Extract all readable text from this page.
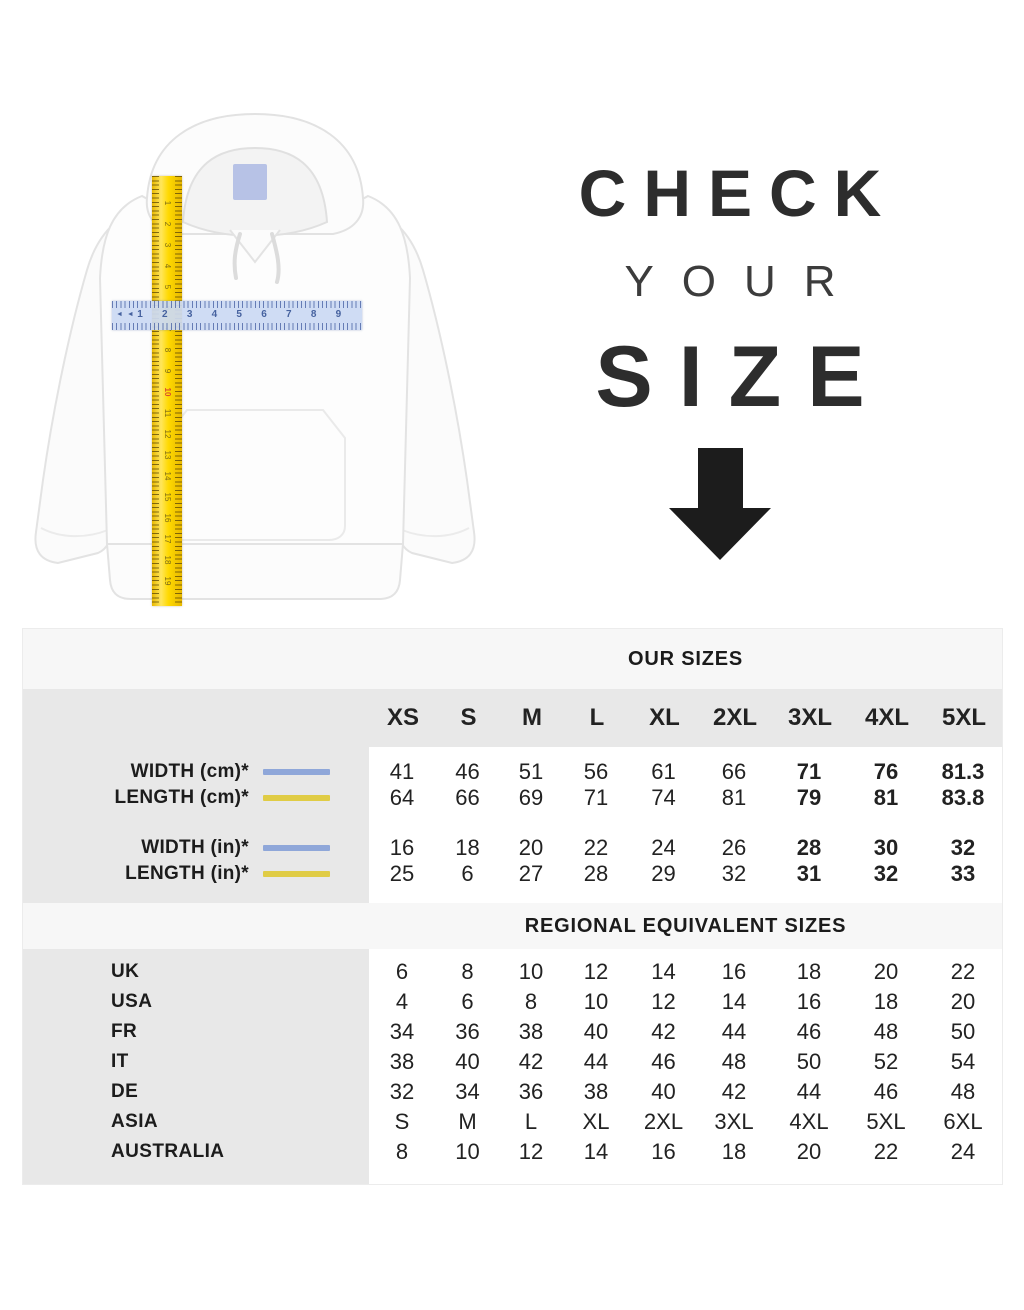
1
2
3
4
5
8
9
10
11
12
13
14
15
16
17
18
19
◄ ◄ 1	2	3	4	5	6	7	8	9
CHECK
YOUR
SIZE
OUR SIZES
XS	S	M	L	XL	2XL	3XL	4XL	5XL
WIDTH (cm)*	41	46	51	56	61	66	71	76	81.3
LENGTH (cm)*	64	66	69	71	74	81	79	81	83.8
WIDTH (in)*	16	18	20	22	24	26	28	30	32
LENGTH (in)*	25	6	27	28	29	32	31	32	33
REGIONAL EQUIVALENT SIZES
UK	6	8	10	12	14	16	18	20	22
USA	4	6	8	10	12	14	16	18	20
FR	34	36	38	40	42	44	46	48	50
IT	38	40	42	44	46	48	50	52	54
DE	32	34	36	38	40	42	44	46	48
ASIA	S	M	L	XL	2XL	3XL	4XL	5XL	6XL
AUSTRALIA	8	10	12	14	16	18	20	22	24
